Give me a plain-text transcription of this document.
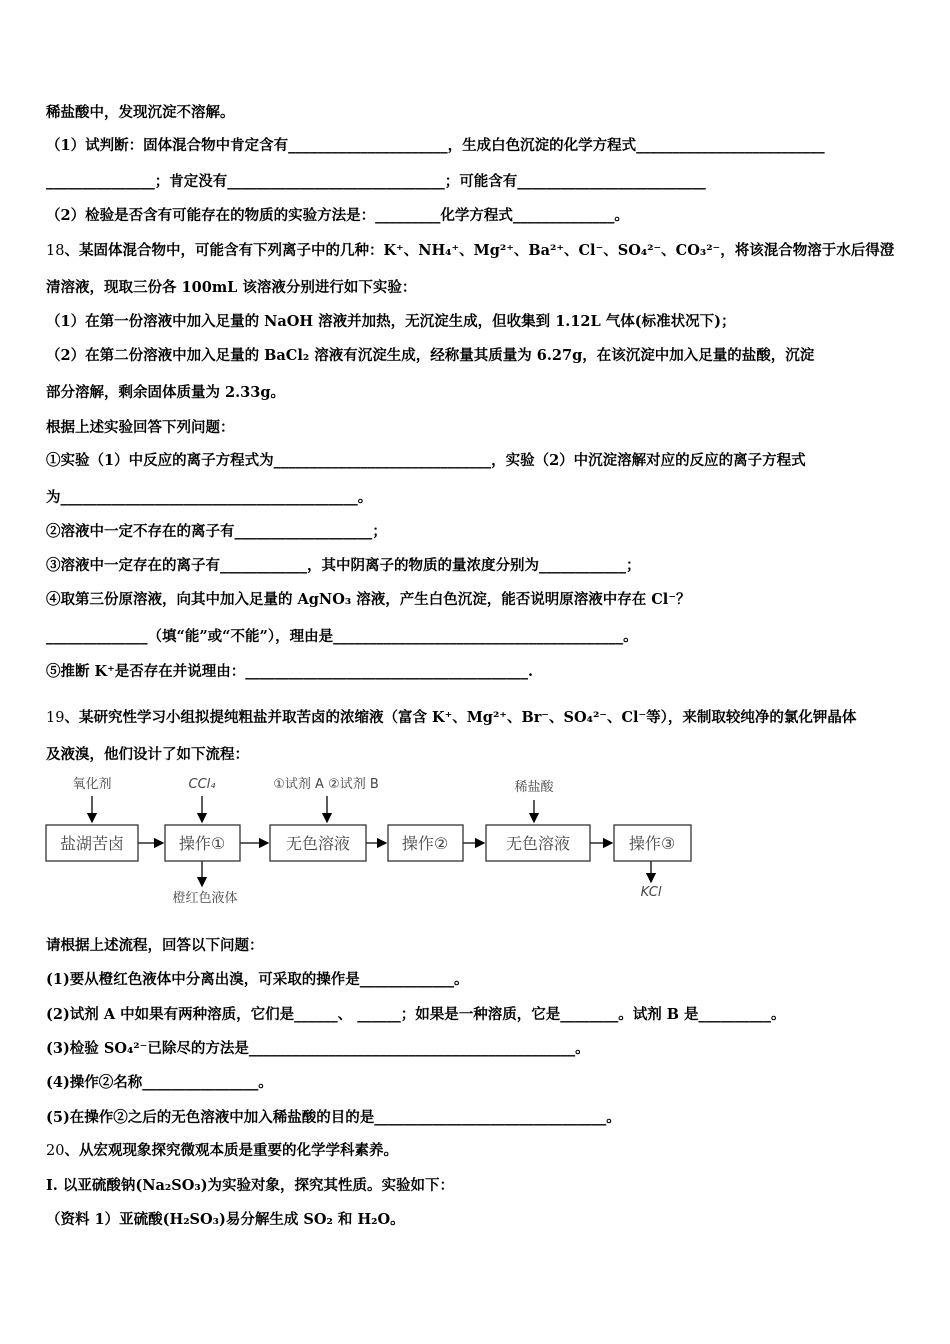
稀盐酸中，发现沉淀不溶解。
（1）试判断：固体混合物中肯定含有______________________，生成白色沉淀的化学方程式__________________________
_______________；肯定没有______________________________；可能含有__________________________
（2）检验是否含有可能存在的物质的实验方法是：_________化学方程式______________。
18、某固体混合物中，可能含有下列离子中的几种：K⁺、NH₄⁺、Mg²⁺、Ba²⁺、Cl⁻、SO₄²⁻、CO₃²⁻，将该混合物溶于水后得澄
清溶液，现取三份各 100mL 该溶液分别进行如下实验：
（1）在第一份溶液中加入足量的 NaOH 溶液并加热，无沉淀生成，但收集到 1.12L 气体(标准状况下)；
（2）在第二份溶液中加入足量的 BaCl₂ 溶液有沉淀生成，经称量其质量为 6.27g，在该沉淀中加入足量的盐酸，沉淀
部分溶解，剩余固体质量为 2.33g。
根据上述实验回答下列问题：
①实验（1）中反应的离子方程式为______________________________，实验（2）中沉淀溶解对应的反应的离子方程式
为_________________________________________。
②溶液中一定不存在的离子有___________________；
③溶液中一定存在的离子有____________，其中阴离子的物质的量浓度分别为____________；
④取第三份原溶液，向其中加入足量的 AgNO₃ 溶液，产生白色沉淀，能否说明原溶液中存在 Cl⁻？
______________（填“能”或“不能”），理由是________________________________________。
⑤推断 K⁺是否存在并说理由：_______________________________________.
19、某研究性学习小组拟提纯粗盐并取苦卤的浓缩液（富含 K⁺、Mg²⁺、Br⁻、SO₄²⁻、Cl⁻等），来制取较纯净的氯化钾晶体
及液溴，他们设计了如下流程：
氧化剂	CCl₄	①试剂 A ②试剂 B	稀盐酸
盐湖苦卤	操作①	无色溶液	操作②	无色溶液	操作③
橙红色液体	KCl
请根据上述流程，回答以下问题：
(1)要从橙红色液体中分离出溴，可采取的操作是_____________。
(2)试剂 A 中如果有两种溶质，它们是______、 ______；如果是一种溶质，它是________。试剂 B 是__________。
(3)检验 SO₄²⁻已除尽的方法是_____________________________________________。
(4)操作②名称________________。
(5)在操作②之后的无色溶液中加入稀盐酸的目的是________________________________。
20、从宏观现象探究微观本质是重要的化学学科素养。
I. 以亚硫酸钠(Na₂SO₃)为实验对象，探究其性质。实验如下：
（资料 1）亚硫酸(H₂SO₃)易分解生成 SO₂ 和 H₂O。
